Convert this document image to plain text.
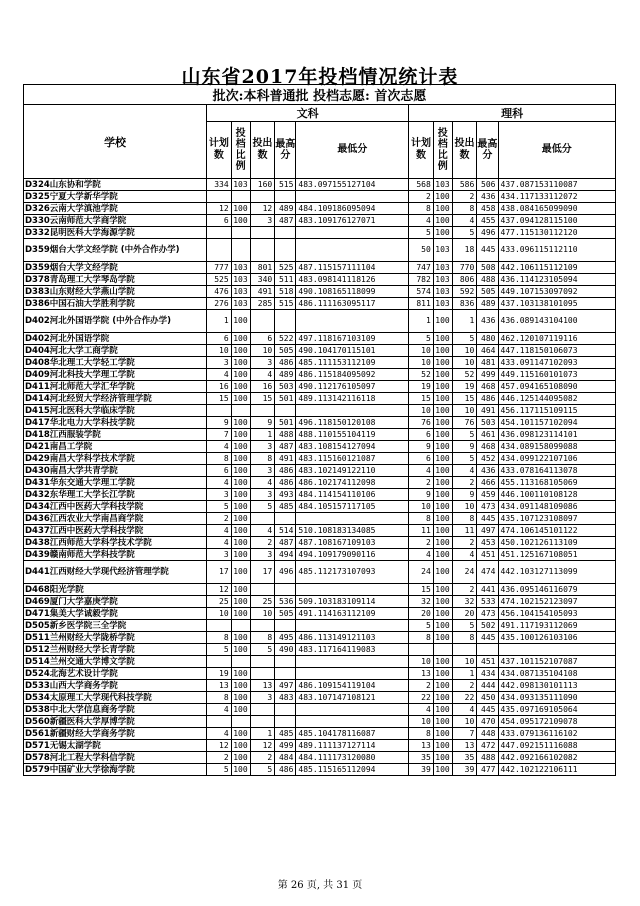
山东省2017年投档情况统计表
批次:本科普通批 投档志愿: 首次志愿										
学校	文科					理科				
	计划数	投档比例	投出数	最高分	最低分	计划数	投档比例	投出数	最高分	最低分
D324山东协和学院	334	103	160	515	483.097155127104	568	103	586	506	437.087153110087
D325宁夏大学新华学院						2	100	2	436	434.117133112072
D326云南大学滇池学院	12	100	12	489	484.109186095094	8	100	8	458	438.084165099090
D330云南师范大学商学院	6	100	3	487	483.109176127071	4	100	4	455	437.094128115100
D332昆明医科大学海源学院						5	100	5	496	477.115130112120
D359烟台大学文经学院 (中外合作办学)						50	103	18	445	433.096115112110
D359烟台大学文经学院	777	103	801	525	487.115157111104	747	103	770	508	442.106115112109
D378青岛理工大学琴岛学院	525	103	340	511	483.098141118126	782	103	806	488	436.114123105094
D383山东财经大学燕山学院	476	103	491	518	490.108165118099	574	103	592	505	449.107153097092
D386中国石油大学胜利学院	276	103	285	515	486.111163095117	811	103	836	489	437.103138101095
D402河北外国语学院 (中外合作办学)	1	100				1	100	1	436	436.089143104100
D402河北外国语学院	6	100	6	522	497.118167103109	5	100	5	480	462.120107119116
D404河北大学工商学院	10	100	10	505	490.104170115101	10	100	10	464	447.118150106073
D408华北理工大学轻工学院	3	100	3	486	485.111153112109	10	100	10	481	433.091147102093
D409河北科技大学理工学院	4	100	4	489	486.115184095092	52	100	52	499	449.115160101073
D411河北师范大学汇华学院	16	100	16	503	490.112176105097	19	100	19	468	457.094165108090
D414河北经贸大学经济管理学院	15	100	15	501	489.113142116118	15	100	15	486	446.125144095082
D415河北医科大学临床学院						10	100	10	491	456.117115109115
D417华北电力大学科技学院	9	100	9	501	496.118150120108	76	100	76	503	454.101157102094
D418江西服装学院	7	100	1	488	488.110155104119	6	100	5	461	436.098123114101
D421南昌工学院	4	100	3	487	483.108154127094	9	100	9	468	434.089158099088
D429南昌大学科学技术学院	8	100	8	491	483.115160121087	6	100	5	452	434.099122107106
D430南昌大学共青学院	6	100	3	486	483.102149122110	4	100	4	436	433.078164113078
D431华东交通大学理工学院	4	100	4	486	486.102174112098	2	100	2	466	455.113168105069
D432东华理工大学长江学院	3	100	3	493	484.114154110106	9	100	9	459	446.100110108128
D434江西中医药大学科技学院	5	100	5	485	484.105157117105	10	100	10	473	434.091148109086
D436江西农业大学南昌商学院	2	100				8	100	8	445	435.107123108097
D437江西中医药大学科技学院	4	100	4	514	510.108183134085	11	100	11	497	474.106145101122
D438江西师范大学科学技术学院	4	100	2	487	487.108167109103	2	100	2	453	450.102126113109
D439赣南师范大学科技学院	3	100	3	494	494.109179090116	4	100	4	451	451.125167108051
D441江西财经大学现代经济管理学院	17	100	17	496	485.112173107093	24	100	24	474	442.103127113099
D468阳光学院	12	100				15	100	2	441	436.095146116079
D469厦门大学嘉庚学院	25	100	25	536	509.103183109114	32	100	32	533	474.102152123097
D471集美大学诚毅学院	10	100	10	505	491.114163112109	20	100	20	473	456.104154105093
D505新乡医学院三全学院						5	100	5	502	491.117193112069
D511兰州财经大学陇桥学院	8	100	8	495	486.113149121103	8	100	8	445	435.100126103106
D512兰州财经大学长青学院	5	100	5	490	483.117164119083					
D514兰州交通大学博文学院						10	100	10	451	437.101152107087
D524北海艺术设计学院	19	100				13	100	1	434	434.087135104108
D533山西大学商务学院	13	100	13	497	486.109154119104	2	100	2	444	442.098130101113
D534太原理工大学现代科技学院	8	100	3	483	483.107147108121	22	100	22	450	434.093135111090
D538中北大学信息商务学院	4	100				4	100	4	445	435.097169105064
D560新疆医科大学厚博学院						10	100	10	470	454.095172109078
D561新疆财经大学商务学院	4	100	1	485	485.104178116087	8	100	7	448	433.079136116102
D571无锡太湖学院	12	100	12	499	489.111137127114	13	100	13	472	447.092151116088
D578河北工程大学科信学院	2	100	2	484	484.111173120080	35	100	35	488	442.092166102082
D579中国矿业大学徐海学院	5	100	5	486	485.115165112094	39	100	39	477	442.102122106111
第 26 页, 共 31 页
